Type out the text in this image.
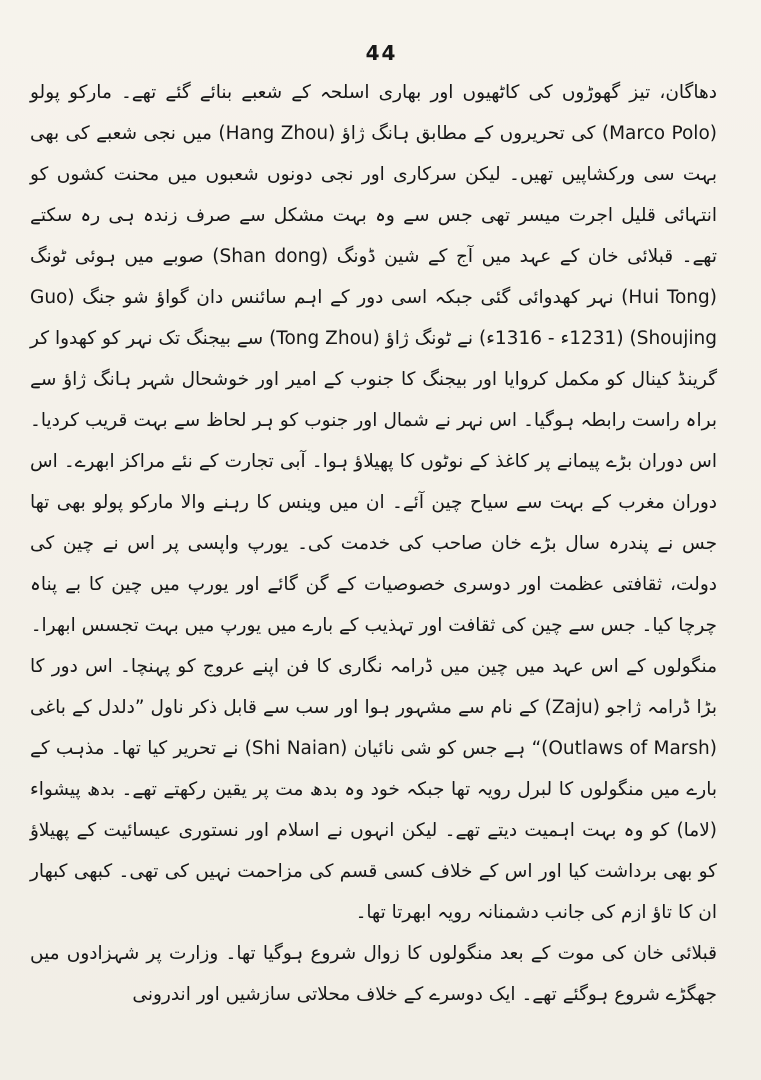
44

دھاگان، تیز گھوڑوں کی کاٹھیوں اور بھاری اسلحہ کے شعبے بنائے گئے تھے۔ مارکو پولو (Marco Polo) کی تحریروں کے مطابق ہانگ ژاؤ (Hang Zhou) میں نجی شعبے کی بھی بہت سی ورکشاپیں تھیں۔ لیکن سرکاری اور نجی دونوں شعبوں میں محنت کشوں کو انتہائی قلیل اجرت میسر تھی جس سے وہ بہت مشکل سے صرف زندہ ہی رہ سکتے تھے۔ قبلائی خان کے عہد میں آج کے شین ڈونگ (Shan dong) صوبے میں ہوئی ٹونگ (Hui Tong) نہر کھدوائی گئی جبکہ اسی دور کے اہم سائنس دان گواؤ شو جنگ (Guo Shoujing) (1231ء - 1316ء) نے ٹونگ ژاؤ (Tong Zhou) سے بیجنگ تک نہر کو کھدوا کر گرینڈ کینال کو مکمل کروایا اور بیجنگ کا جنوب کے امیر اور خوشحال شہر ہانگ ژاؤ سے براہ راست رابطہ ہوگیا۔ اس نہر نے شمال اور جنوب کو ہر لحاظ سے بہت قریب کردیا۔ اس دوران بڑے پیمانے پر کاغذ کے نوٹوں کا پھیلاؤ ہوا۔ آبی تجارت کے نئے مراکز ابھرے۔ اس دوران مغرب کے بہت سے سیاح چین آئے۔ ان میں وینس کا رہنے والا مارکو پولو بھی تھا جس نے پندرہ سال بڑے خان صاحب کی خدمت کی۔ یورپ واپسی پر اس نے چین کی دولت، ثقافتی عظمت اور دوسری خصوصیات کے گن گائے اور یورپ میں چین کا بے پناہ چرچا کیا۔ جس سے چین کی ثقافت اور تہذیب کے بارے میں یورپ میں بہت تجسس ابھرا۔

منگولوں کے اس عہد میں چین میں ڈرامہ نگاری کا فن اپنے عروج کو پہنچا۔ اس دور کا بڑا ڈرامہ ژاجو (Zaju) کے نام سے مشہور ہوا اور سب سے قابل ذکر ناول ”دلدل کے باغی (Outlaws of Marsh)“ ہے جس کو شی نائیان (Shi Naian) نے تحریر کیا تھا۔ مذہب کے بارے میں منگولوں کا لبرل رویہ تھا جبکہ خود وہ بدھ مت پر یقین رکھتے تھے۔ بدھ پیشواء (لاما) کو وہ بہت اہمیت دیتے تھے۔ لیکن انہوں نے اسلام اور نستوری عیسائیت کے پھیلاؤ کو بھی برداشت کیا اور اس کے خلاف کسی قسم کی مزاحمت نہیں کی تھی۔ کبھی کبھار ان کا تاؤ ازم کی جانب دشمنانہ رویہ ابھرتا تھا۔

قبلائی خان کی موت کے بعد منگولوں کا زوال شروع ہوگیا تھا۔ وزارت پر شہزادوں میں جھگڑے شروع ہوگئے تھے۔ ایک دوسرے کے خلاف محلاتی سازشیں اور اندرونی
